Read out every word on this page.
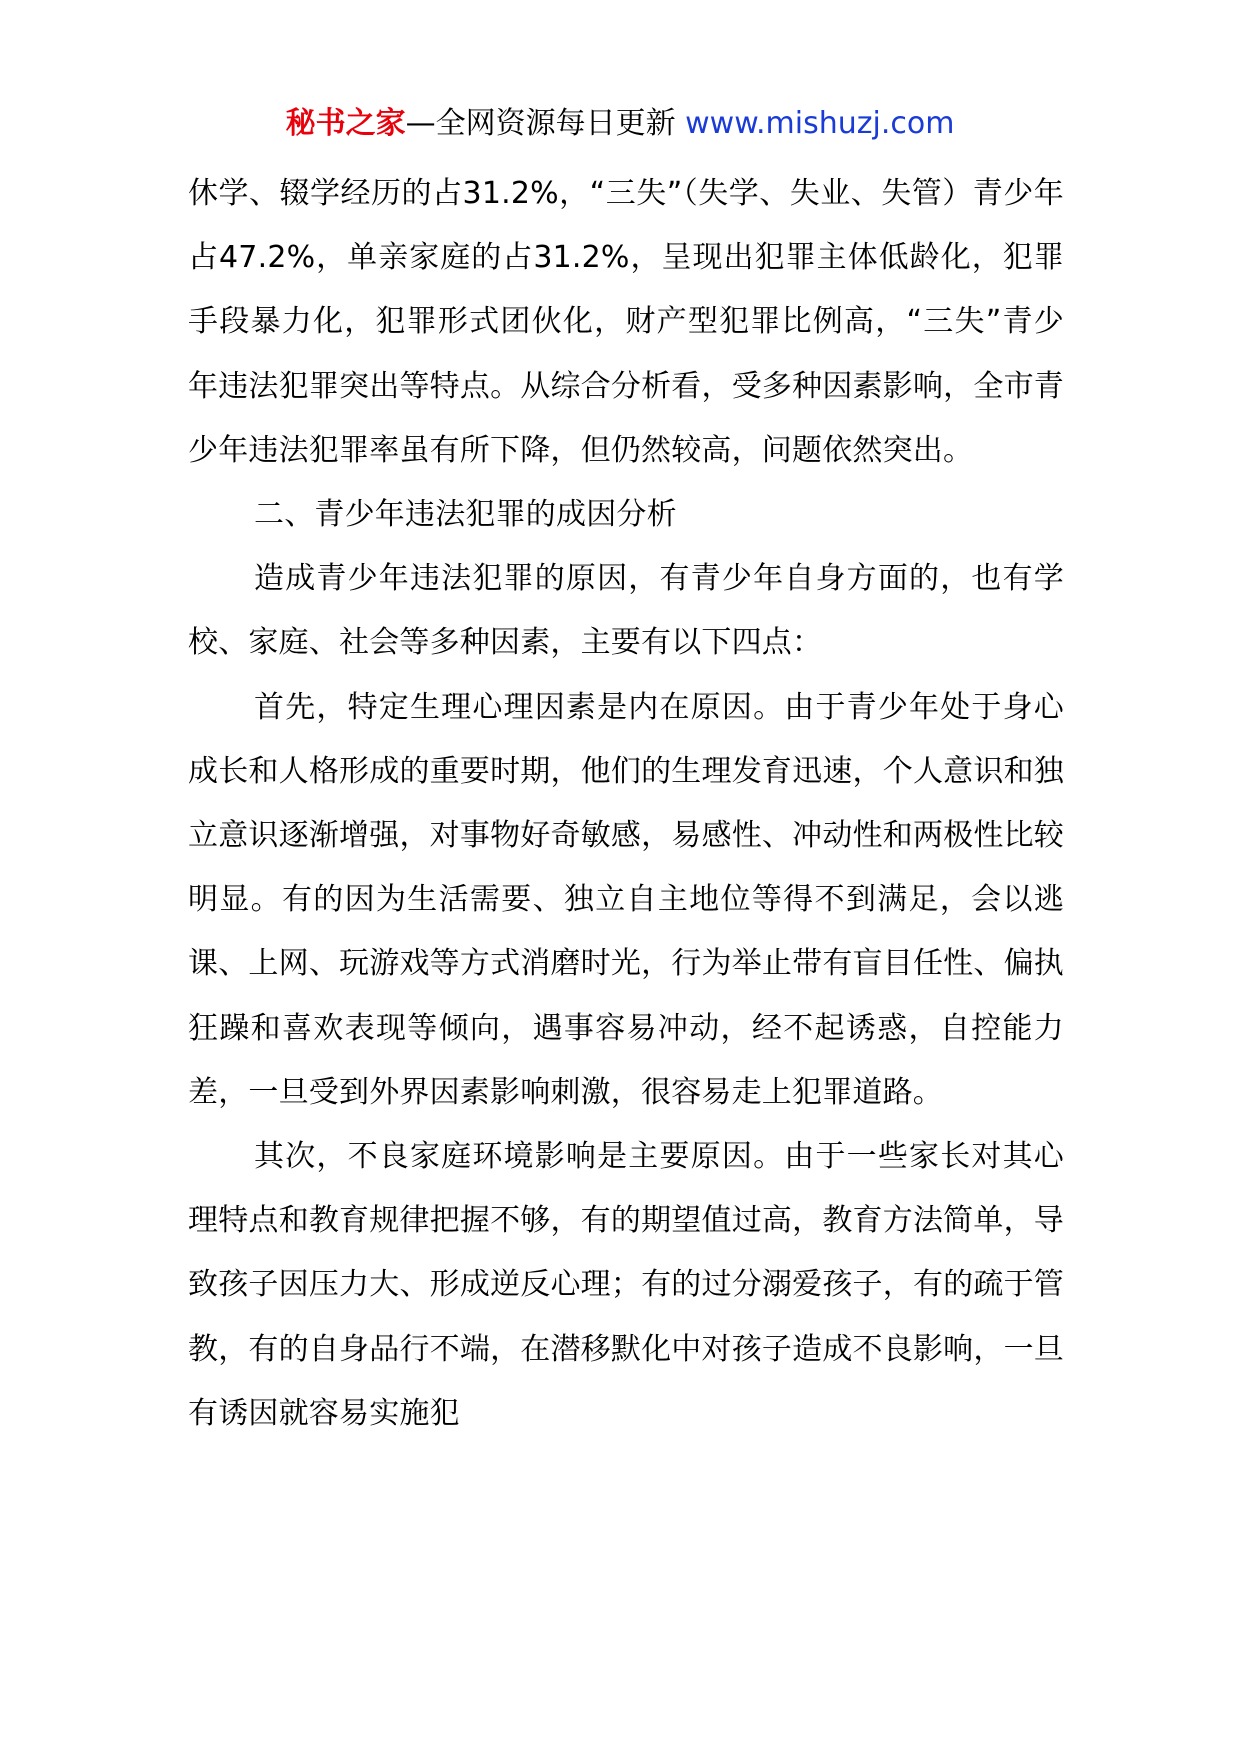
秘书之家—全网资源每日更新 www.mishuzj.com

休学、辍学经历的占31.2%，“三失”（失学、失业、失管）青少年占47.2%，单亲家庭的占31.2%，呈现出犯罪主体低龄化，犯罪手段暴力化，犯罪形式团伙化，财产型犯罪比例高，“三失”青少年违法犯罪突出等特点。从综合分析看，受多种因素影响，全市青少年违法犯罪率虽有所下降，但仍然较高，问题依然突出。

二、青少年违法犯罪的成因分析

造成青少年违法犯罪的原因，有青少年自身方面的，也有学校、家庭、社会等多种因素，主要有以下四点：

首先，特定生理心理因素是内在原因。由于青少年处于身心成长和人格形成的重要时期，他们的生理发育迅速，个人意识和独立意识逐渐增强，对事物好奇敏感，易感性、冲动性和两极性比较明显。有的因为生活需要、独立自主地位等得不到满足，会以逃课、上网、玩游戏等方式消磨时光，行为举止带有盲目任性、偏执狂躁和喜欢表现等倾向，遇事容易冲动，经不起诱惑，自控能力差，一旦受到外界因素影响刺激，很容易走上犯罪道路。

其次，不良家庭环境影响是主要原因。由于一些家长对其心理特点和教育规律把握不够，有的期望值过高，教育方法简单，导致孩子因压力大、形成逆反心理；有的过分溺爱孩子，有的疏于管教，有的自身品行不端，在潜移默化中对孩子造成不良影响，一旦有诱因就容易实施犯
